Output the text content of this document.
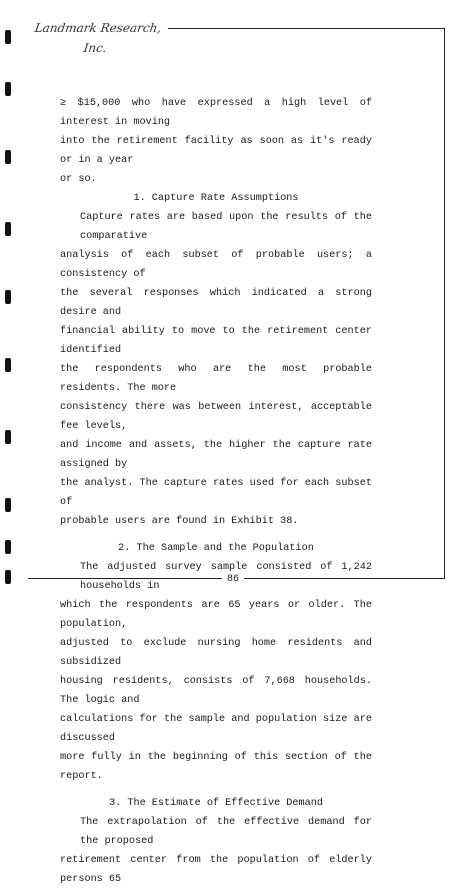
Landmark Research, Inc.
≥ $15,000 who have expressed a high level of interest in moving
into the retirement facility as soon as it's ready or in a year
or so.
1. Capture Rate Assumptions
Capture rates are based upon the results of the comparative
analysis of each subset of probable users; a consistency of
the several responses which indicated a strong desire and
financial ability to move to the retirement center identified
the respondents who are the most probable residents. The more
consistency there was between interest, acceptable fee levels,
and income and assets, the higher the capture rate assigned by
the analyst. The capture rates used for each subset of
probable users are found in Exhibit 38.
2. The Sample and the Population
The adjusted survey sample consisted of 1,242 households in
which the respondents are 65 years or older. The population,
adjusted to exclude nursing home residents and subsidized
housing residents, consists of 7,668 households. The logic and
calculations for the sample and population size are discussed
more fully in the beginning of this section of the report.
3. The Estimate of Effective Demand
The extrapolation of the effective demand for the proposed
retirement center from the population of elderly persons 65
86
